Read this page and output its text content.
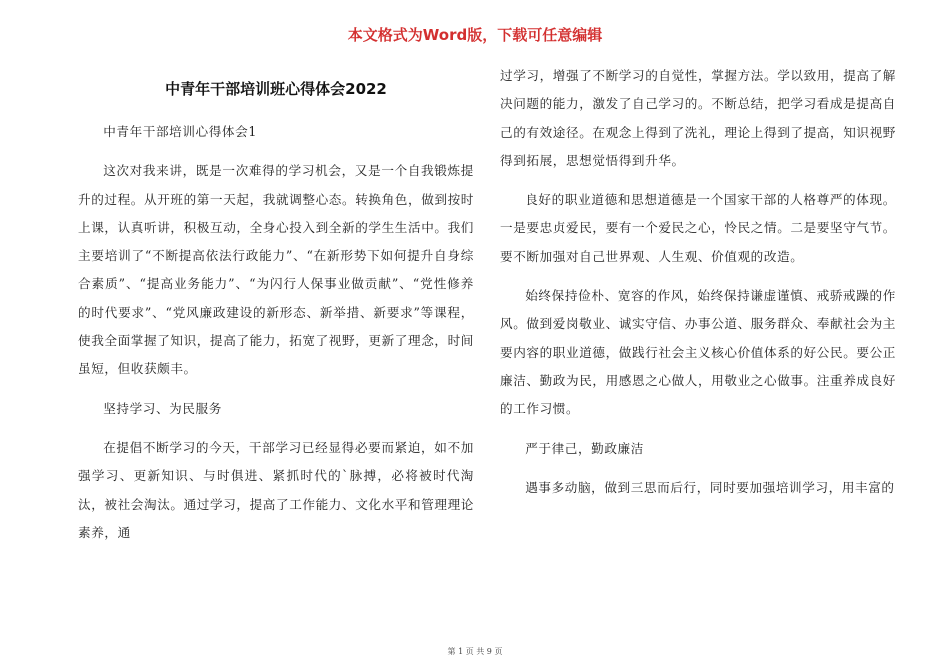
本文格式为Word版，下载可任意编辑
中青年干部培训班心得体会2022

中青年干部培训心得体会1

这次对我来讲，既是一次难得的学习机会，又是一个自我锻炼提升的过程。从开班的第一天起，我就调整心态。转换角色，做到按时上课，认真听讲，积极互动，全身心投入到全新的学生生活中。我们主要培训了“不断提高依法行政能力”、“在新形势下如何提升自身综合素质”、“提高业务能力”、“为闪行人保事业做贡献”、“党性修养的时代要求”、“党风廉政建设的新形态、新举措、新要求”等课程，使我全面掌握了知识，提高了能力，拓宽了视野，更新了理念，时间虽短，但收获颇丰。

坚持学习、为民服务

在提倡不断学习的今天，干部学习已经显得必要而紧迫，如不加强学习、更新知识、与时俱进、紧抓时代的`脉搏，必将被时代淘汰，被社会淘汰。通过学习，提高了工作能力、文化水平和管理理论素养，通

过学习，增强了不断学习的自觉性，掌握方法。学以致用，提高了解决问题的能力，激发了自己学习的。不断总结，把学习看成是提高自己的有效途径。在观念上得到了洗礼，理论上得到了提高，知识视野得到拓展，思想觉悟得到升华。

良好的职业道德和思想道德是一个国家干部的人格尊严的体现。一是要忠贞爱民，要有一个爱民之心，怜民之情。二是要坚守气节。要不断加强对自己世界观、人生观、价值观的改造。

始终保持俭朴、宽容的作风，始终保持谦虚谨慎、戒骄戒躁的作风。做到爱岗敬业、诚实守信、办事公道、服务群众、奉献社会为主要内容的职业道德，做践行社会主义核心价值体系的好公民。要公正廉洁、勤政为民，用感恩之心做人，用敬业之心做事。注重养成良好的工作习惯。

严于律己，勤政廉洁

遇事多动脑，做到三思而后行，同时要加强培训学习，用丰富的

第 1 页 共 9 页
